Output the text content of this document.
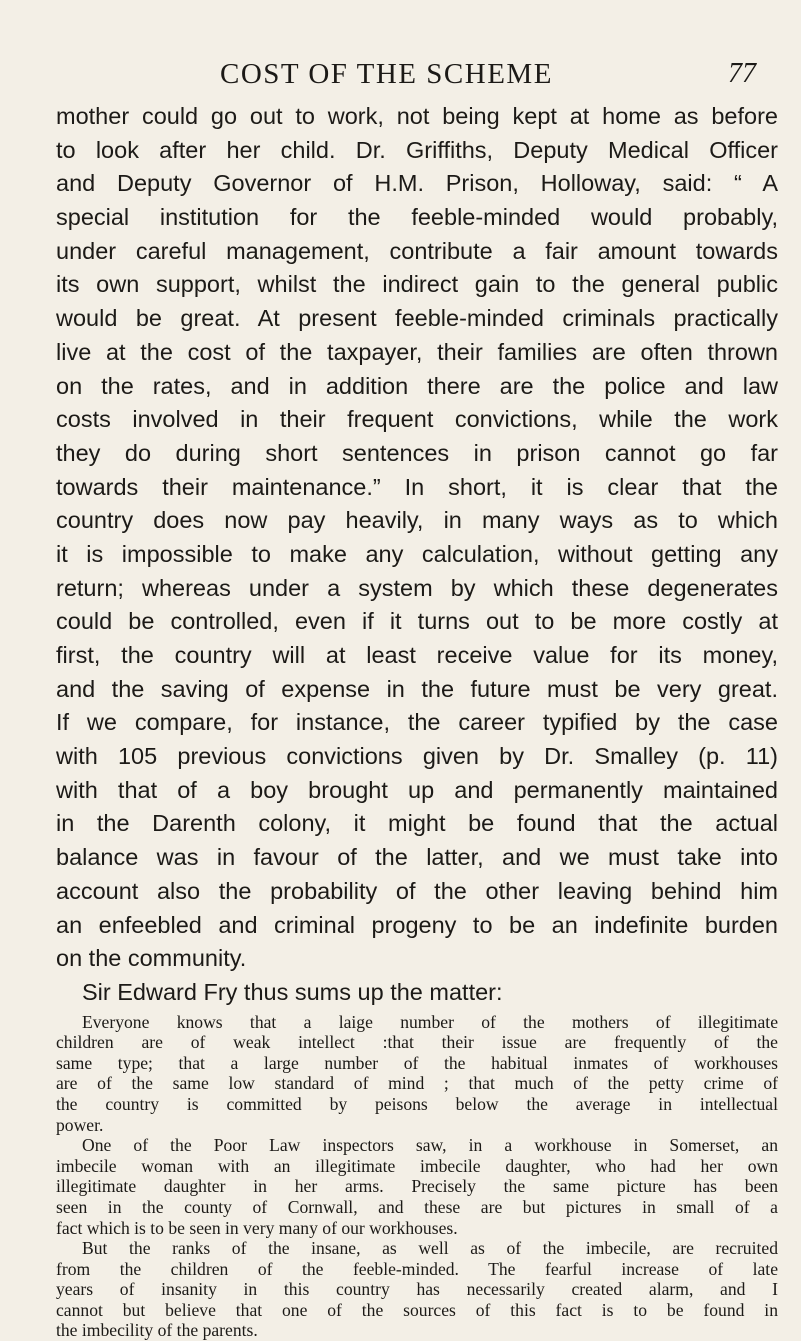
COST OF THE SCHEME	77
mother could go out to work, not being kept at home as before
to look after her child. Dr. Griffiths, Deputy Medical Officer
and Deputy Governor of H.M. Prison, Holloway, said: “ A
special institution for the feeble-minded would probably,
under careful management, contribute a fair amount towards
its own support, whilst the indirect gain to the general public
would be great. At present feeble-minded criminals practically
live at the cost of the taxpayer, their families are often thrown
on the rates, and in addition there are the police and law
costs involved in their frequent convictions, while the work
they do during short sentences in prison cannot go far
towards their maintenance.” In short, it is clear that the
country does now pay heavily, in many ways as to which
it is impossible to make any calculation, without getting any
return; whereas under a system by which these degenerates
could be controlled, even if it turns out to be more costly at
first, the country will at least receive value for its money,
and the saving of expense in the future must be very great.
If we compare, for instance, the career typified by the case
with 105 previous convictions given by Dr. Smalley (p. 11)
with that of a boy brought up and permanently maintained
in the Darenth colony, it might be found that the actual
balance was in favour of the latter, and we must take into
account also the probability of the other leaving behind him
an enfeebled and criminal progeny to be an indefinite burden
on the community.
Sir Edward Fry thus sums up the matter:
Everyone knows that a laige number of the mothers of illegitimate
children are of weak intellect :that their issue are frequently of the
same type; that a large number of the habitual inmates of workhouses
are of the same low standard of mind ; that much of the petty crime of
the country is committed by peisons below the average in intellectual
power.
One of the Poor Law inspectors saw, in a workhouse in Somerset, an
imbecile woman with an illegitimate imbecile daughter, who had her own
illegitimate daughter in her arms. Precisely the same picture has been
seen in the county of Cornwall, and these are but pictures in small of a
fact which is to be seen in very many of our workhouses.
But the ranks of the insane, as well as of the imbecile, are recruited
from the children of the feeble-minded. The fearful increase of late
years of insanity in this country has necessarily created alarm, and I
cannot but believe that one of the sources of this fact is to be found in
the imbecility of the parents.
